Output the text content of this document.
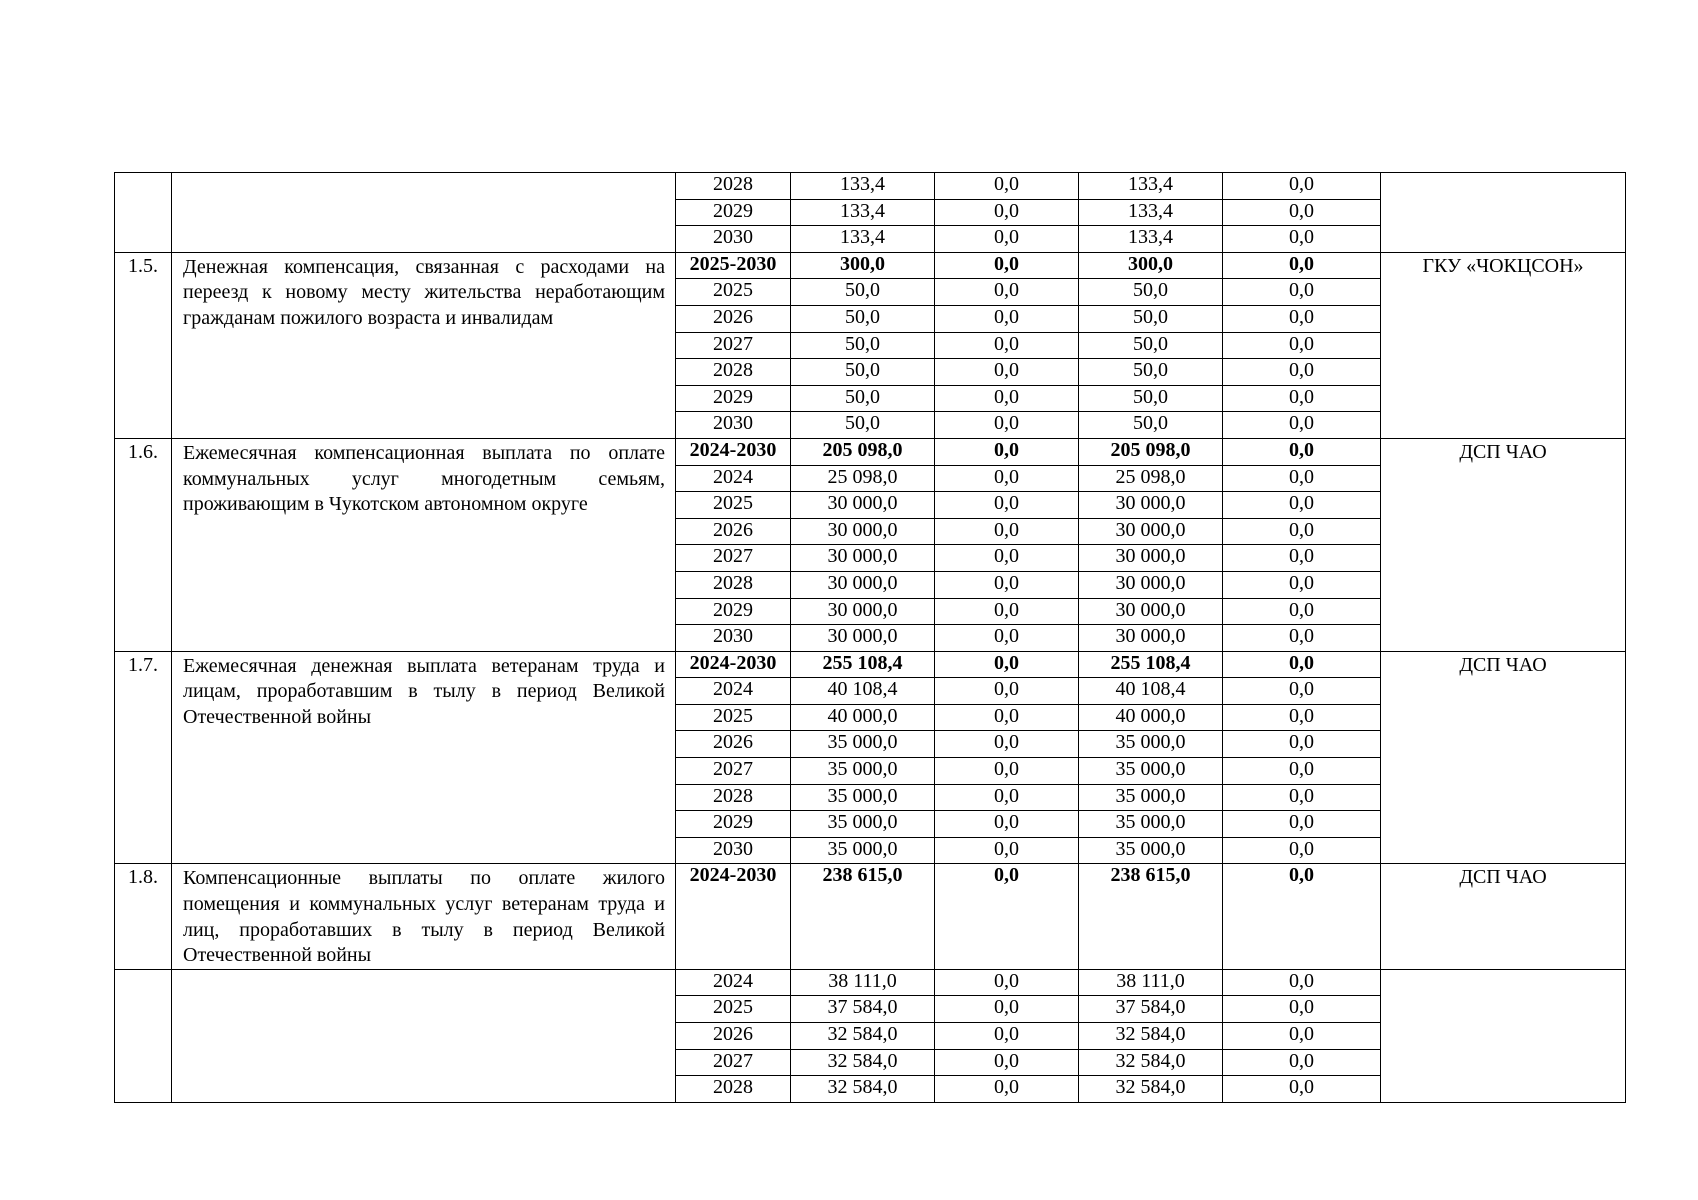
		2028	133,4	0,0	133,4	0,0	
		2029	133,4	0,0	133,4	0,0	
		2030	133,4	0,0	133,4	0,0	
1.5.	Денежная компенсация, связанная с расходами на переезд к новому месту жительства неработающим гражданам пожилого возраста и инвалидам	2025-2030	300,0	0,0	300,0	0,0	ГКУ «ЧОКЦСОН»
		2025	50,0	0,0	50,0	0,0	
		2026	50,0	0,0	50,0	0,0	
		2027	50,0	0,0	50,0	0,0	
		2028	50,0	0,0	50,0	0,0	
		2029	50,0	0,0	50,0	0,0	
		2030	50,0	0,0	50,0	0,0	
1.6.	Ежемесячная компенсационная выплата по оплате коммунальных услуг многодетным семьям, проживающим в Чукотском автономном округе	2024-2030	205 098,0	0,0	205 098,0	0,0	ДСП ЧАО
		2024	25 098,0	0,0	25 098,0	0,0	
		2025	30 000,0	0,0	30 000,0	0,0	
		2026	30 000,0	0,0	30 000,0	0,0	
		2027	30 000,0	0,0	30 000,0	0,0	
		2028	30 000,0	0,0	30 000,0	0,0	
		2029	30 000,0	0,0	30 000,0	0,0	
		2030	30 000,0	0,0	30 000,0	0,0	
1.7.	Ежемесячная денежная выплата ветеранам труда и лицам, проработавшим в тылу в период Великой Отечественной войны	2024-2030	255 108,4	0,0	255 108,4	0,0	ДСП ЧАО
		2024	40 108,4	0,0	40 108,4	0,0	
		2025	40 000,0	0,0	40 000,0	0,0	
		2026	35 000,0	0,0	35 000,0	0,0	
		2027	35 000,0	0,0	35 000,0	0,0	
		2028	35 000,0	0,0	35 000,0	0,0	
		2029	35 000,0	0,0	35 000,0	0,0	
		2030	35 000,0	0,0	35 000,0	0,0	
1.8.	Компенсационные выплаты по оплате жилого помещения и коммунальных услуг ветеранам труда и лиц, проработавших в тылу в период Великой Отечественной войны	2024-2030	238 615,0	0,0	238 615,0	0,0	ДСП ЧАО
		2024	38 111,0	0,0	38 111,0	0,0	
		2025	37 584,0	0,0	37 584,0	0,0	
		2026	32 584,0	0,0	32 584,0	0,0	
		2027	32 584,0	0,0	32 584,0	0,0	
		2028	32 584,0	0,0	32 584,0	0,0	
